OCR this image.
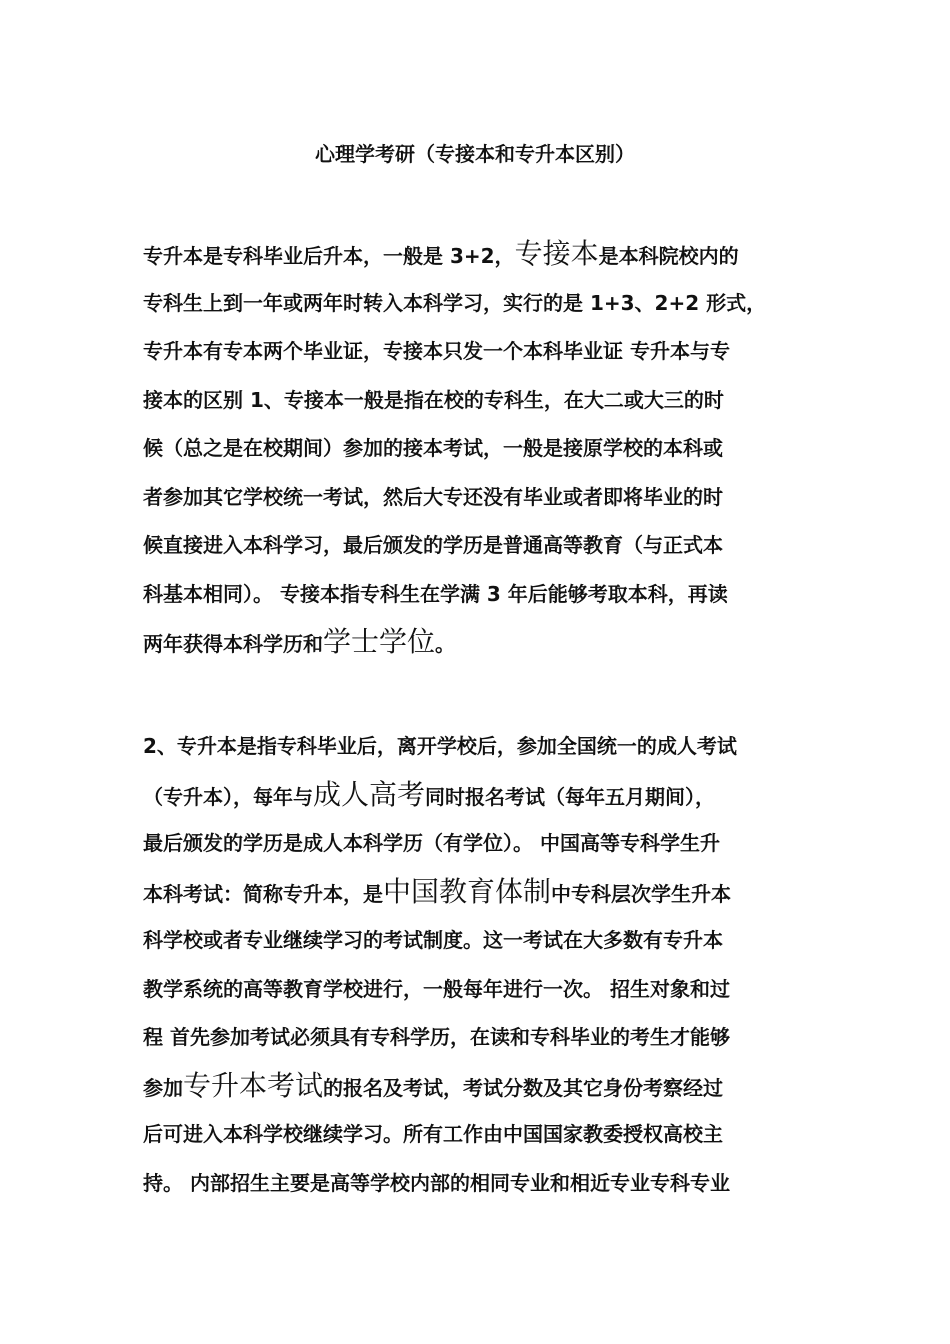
心理学考研（专接本和专升本区别）
专升本是专科毕业后升本，一般是 3+2，专接本是本科院校内的
专科生上到一年或两年时转入本科学习，实行的是 1+3、2+2 形式，
专升本有专本两个毕业证，专接本只发一个本科毕业证 专升本与专
接本的区别 1、专接本一般是指在校的专科生，在大二或大三的时
候（总之是在校期间）参加的接本考试，一般是接原学校的本科或
者参加其它学校统一考试，然后大专还没有毕业或者即将毕业的时
候直接进入本科学习，最后颁发的学历是普通高等教育（与正式本
科基本相同）。 专接本指专科生在学满 3 年后能够考取本科，再读
两年获得本科学历和学士学位。
2、专升本是指专科毕业后，离开学校后，参加全国统一的成人考试
（专升本），每年与成人高考同时报名考试（每年五月期间），
最后颁发的学历是成人本科学历（有学位）。 中国高等专科学生升
本科考试：简称专升本，是中国教育体制中专科层次学生升本
科学校或者专业继续学习的考试制度。这一考试在大多数有专升本
教学系统的高等教育学校进行，一般每年进行一次。 招生对象和过
程 首先参加考试必须具有专科学历，在读和专科毕业的考生才能够
参加专升本考试的报名及考试，考试分数及其它身份考察经过
后可进入本科学校继续学习。所有工作由中国国家教委授权高校主
持。 内部招生主要是高等学校内部的相同专业和相近专业专科专业
